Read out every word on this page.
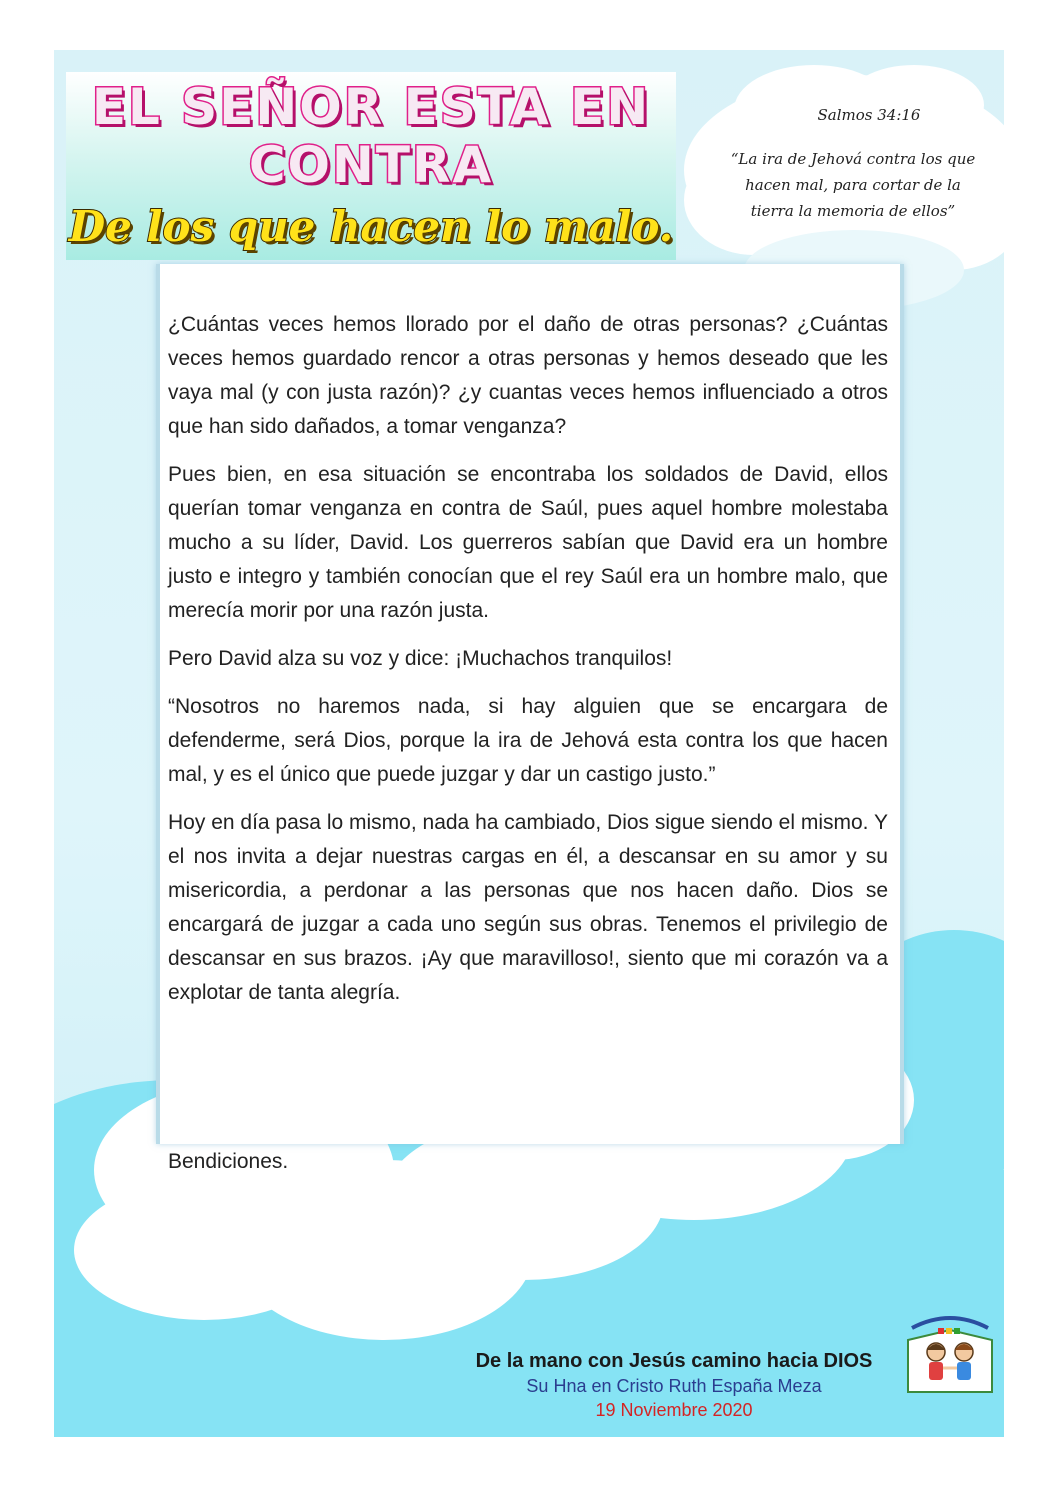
EL SEÑOR ESTA EN
CONTRA
De los que hacen lo malo.
Salmos 34:16
“La ira de Jehová contra los que hacen mal, para cortar de la tierra la memoria de ellos”

¿Cuántas veces hemos llorado por el daño de otras personas? ¿Cuántas veces hemos guardado rencor a otras personas y hemos deseado que les vaya mal (y con justa razón)? ¿y cuantas veces hemos influenciado a otros que han sido dañados, a tomar venganza?

Pues bien, en esa situación se encontraba los soldados de David, ellos querían tomar venganza en contra de Saúl, pues aquel hombre molestaba mucho a su líder, David. Los guerreros sabían que David era un hombre justo e integro y también conocían que el rey Saúl era un hombre malo, que merecía morir por una razón justa.

Pero David alza su voz y dice: ¡Muchachos tranquilos!

“Nosotros no haremos nada, si hay alguien que se encargara de defenderme, será Dios, porque la ira de Jehová esta contra los que hacen mal, y es el único que puede juzgar y dar un castigo justo.”

Hoy en día pasa lo mismo, nada ha cambiado, Dios sigue siendo el mismo. Y el nos invita a dejar nuestras cargas en él, a descansar en su amor y su misericordia, a perdonar a las personas que nos hacen daño. Dios se encargará de juzgar a cada uno según sus obras. Tenemos el privilegio de descansar en sus brazos. ¡Ay que maravilloso!, siento que mi corazón va a explotar de tanta alegría.

Bendiciones.
De la mano con Jesús camino hacia DIOS
Su Hna en Cristo Ruth España Meza
19 Noviembre 2020
